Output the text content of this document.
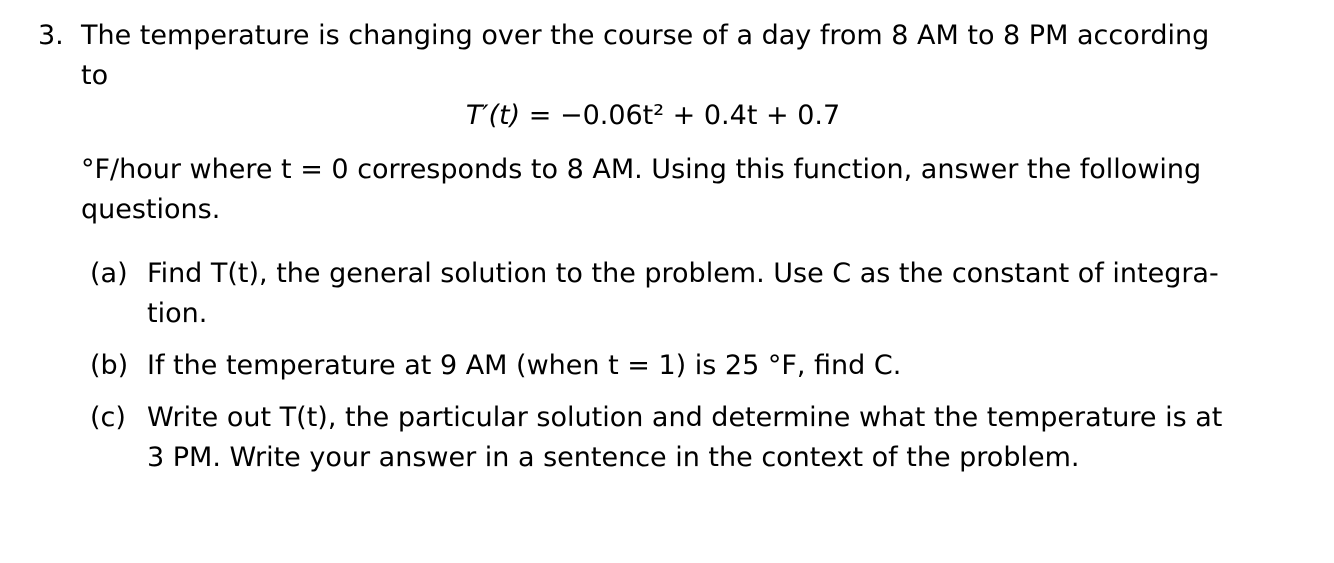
3. The temperature is changing over the course of a day from 8 AM to 8 PM according
to
T′(t) = −0.06t² + 0.4t + 0.7
°F/hour where t = 0 corresponds to 8 AM. Using this function, answer the following
questions.
(a) Find T(t), the general solution to the problem. Use C as the constant of integra-
tion.
(b) If the temperature at 9 AM (when t = 1) is 25 °F, find C.
(c) Write out T(t), the particular solution and determine what the temperature is at
3 PM. Write your answer in a sentence in the context of the problem.
